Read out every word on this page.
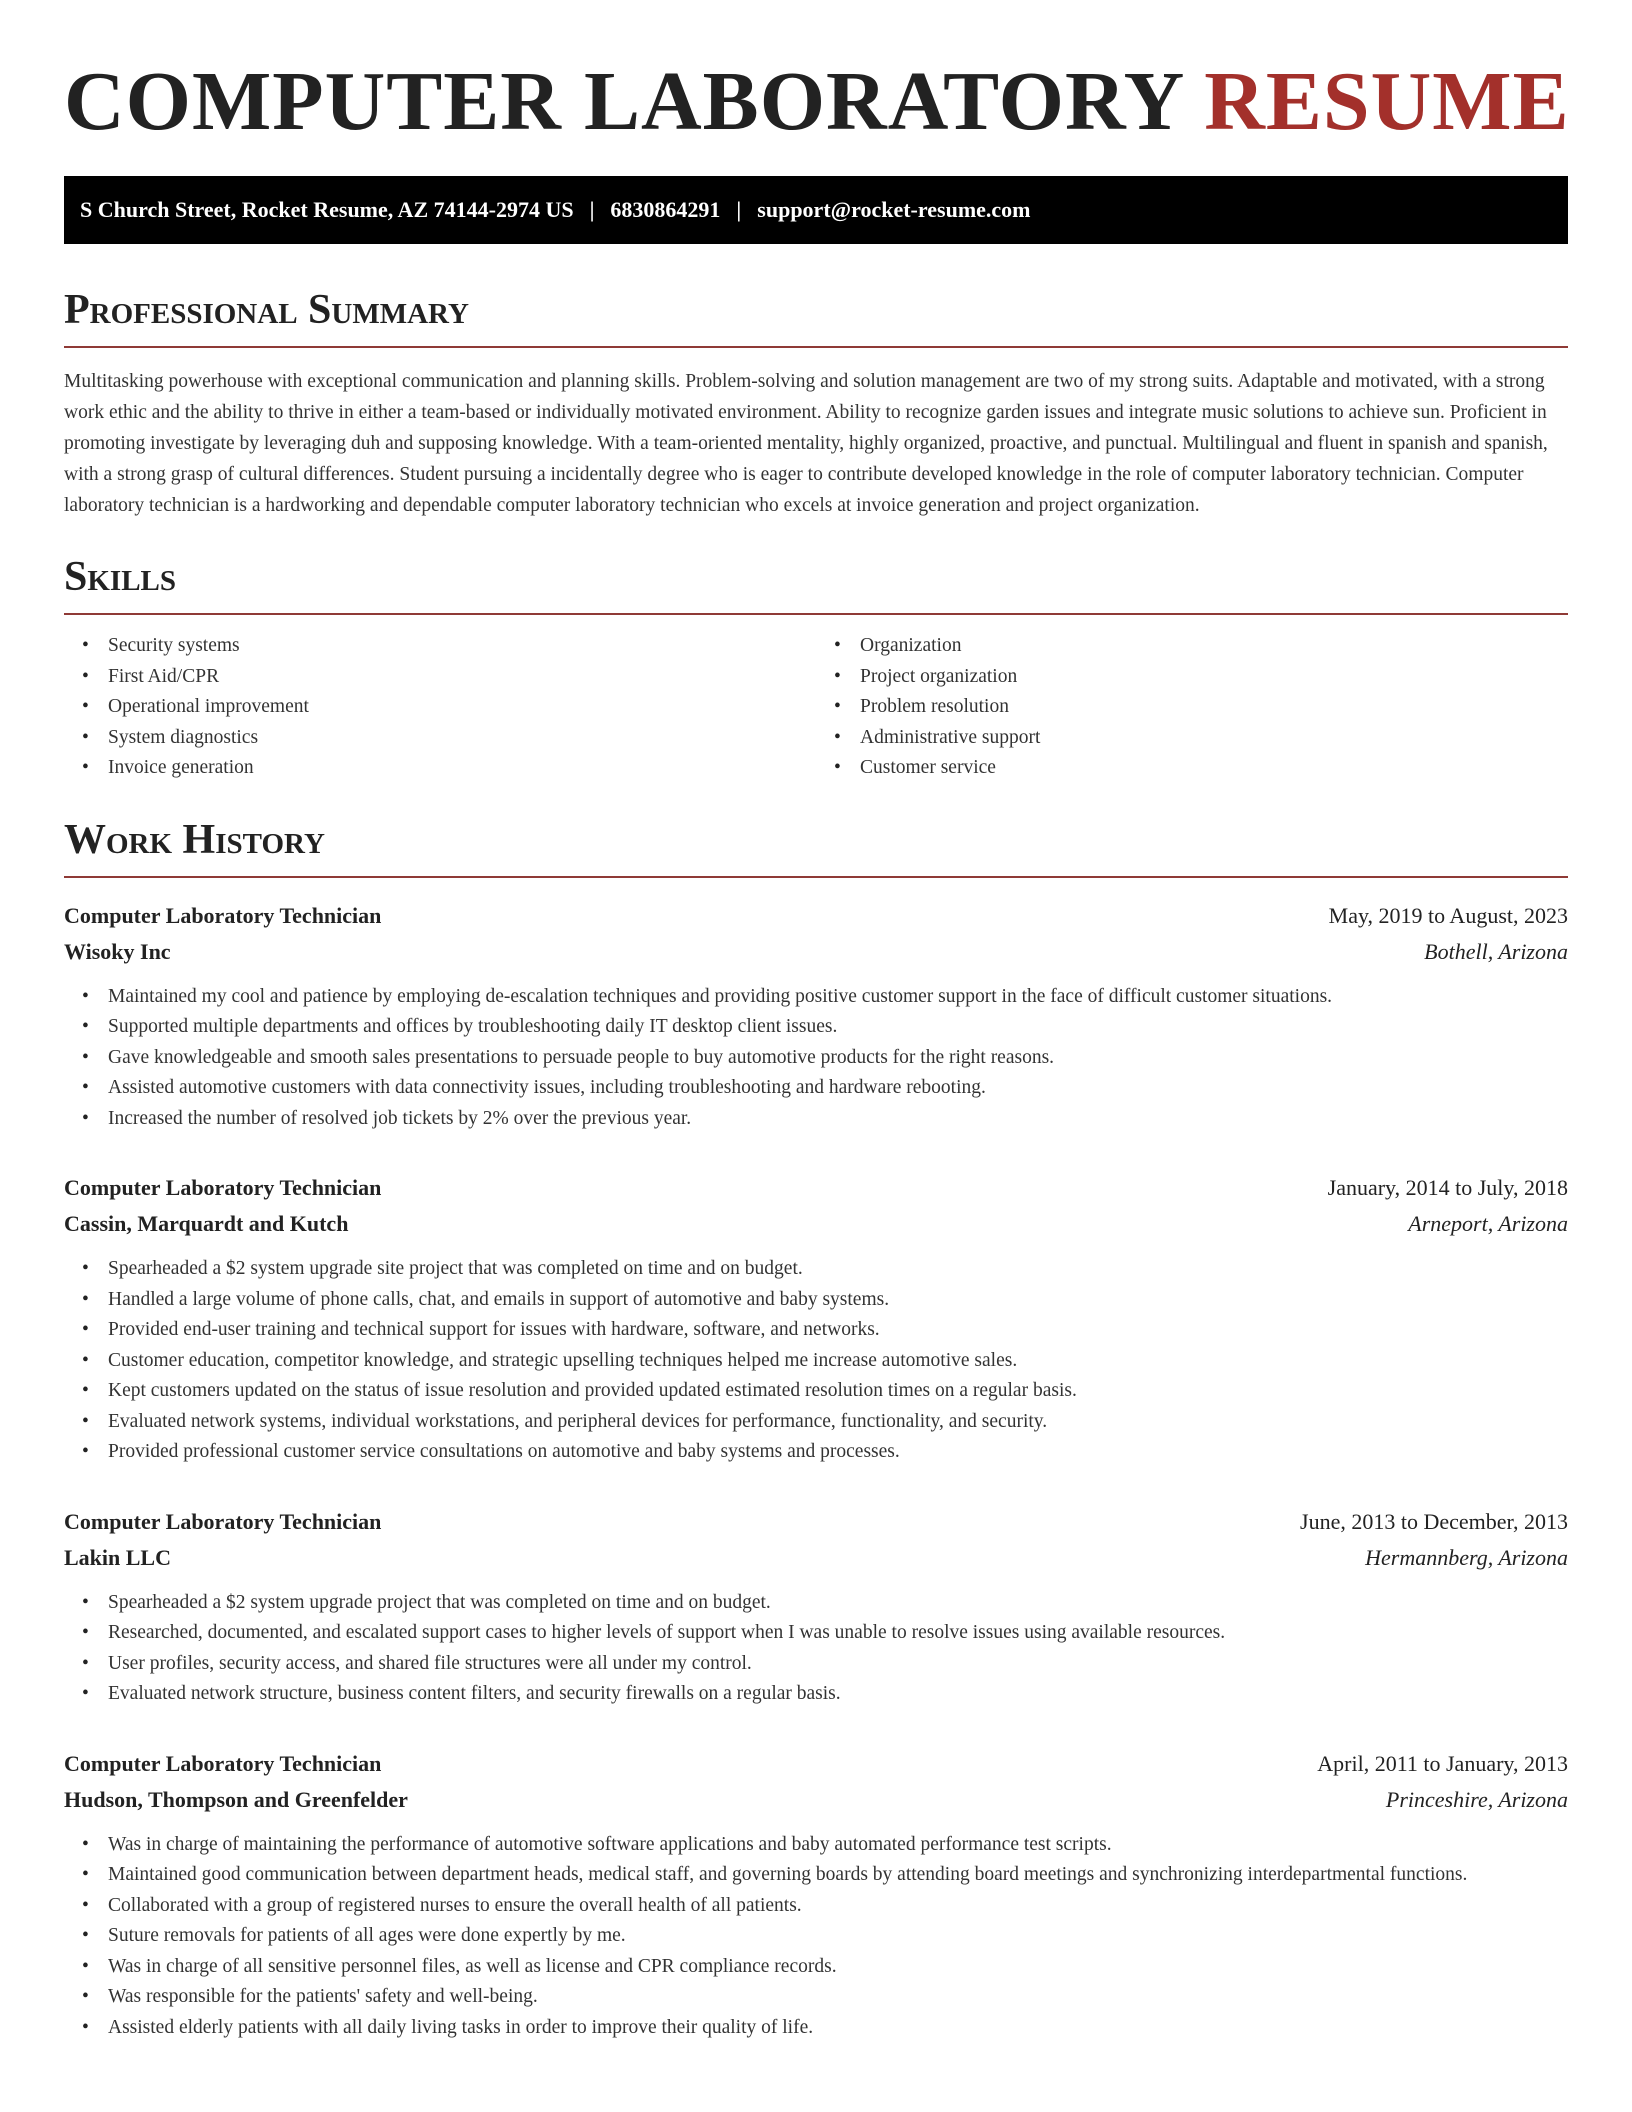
COMPUTER LABORATORY RESUME
S Church Street, Rocket Resume, AZ 74144-2974 US | 6830864291 | support@rocket-resume.com
Professional Summary

Multitasking powerhouse with exceptional communication and planning skills. Problem-solving and solution management are two of my strong suits. Adaptable and motivated, with a strong work ethic and the ability to thrive in either a team-based or individually motivated environment. Ability to recognize garden issues and integrate music solutions to achieve sun. Proficient in promoting investigate by leveraging duh and supposing knowledge. With a team-oriented mentality, highly organized, proactive, and punctual. Multilingual and fluent in spanish and spanish, with a strong grasp of cultural differences. Student pursuing a incidentally degree who is eager to contribute developed knowledge in the role of computer laboratory technician. Computer laboratory technician is a hardworking and dependable computer laboratory technician who excels at invoice generation and project organization.

Skills
• Security systems
• First Aid/CPR
• Operational improvement
• System diagnostics
• Invoice generation
• Organization
• Project organization
• Problem resolution
• Administrative support
• Customer service
Work History
Computer Laboratory Technician	May, 2019 to August, 2023
Wisoky Inc	Bothell, Arizona
• Maintained my cool and patience by employing de-escalation techniques and providing positive customer support in the face of difficult customer situations.
• Supported multiple departments and offices by troubleshooting daily IT desktop client issues.
• Gave knowledgeable and smooth sales presentations to persuade people to buy automotive products for the right reasons.
• Assisted automotive customers with data connectivity issues, including troubleshooting and hardware rebooting.
• Increased the number of resolved job tickets by 2% over the previous year.
Computer Laboratory Technician	January, 2014 to July, 2018
Cassin, Marquardt and Kutch	Arneport, Arizona
• Spearheaded a $2 system upgrade site project that was completed on time and on budget.
• Handled a large volume of phone calls, chat, and emails in support of automotive and baby systems.
• Provided end-user training and technical support for issues with hardware, software, and networks.
• Customer education, competitor knowledge, and strategic upselling techniques helped me increase automotive sales.
• Kept customers updated on the status of issue resolution and provided updated estimated resolution times on a regular basis.
• Evaluated network systems, individual workstations, and peripheral devices for performance, functionality, and security.
• Provided professional customer service consultations on automotive and baby systems and processes.
Computer Laboratory Technician	June, 2013 to December, 2013
Lakin LLC	Hermannberg, Arizona
• Spearheaded a $2 system upgrade project that was completed on time and on budget.
• Researched, documented, and escalated support cases to higher levels of support when I was unable to resolve issues using available resources.
• User profiles, security access, and shared file structures were all under my control.
• Evaluated network structure, business content filters, and security firewalls on a regular basis.
Computer Laboratory Technician	April, 2011 to January, 2013
Hudson, Thompson and Greenfelder	Princeshire, Arizona
• Was in charge of maintaining the performance of automotive software applications and baby automated performance test scripts.
• Maintained good communication between department heads, medical staff, and governing boards by attending board meetings and synchronizing interdepartmental functions.
• Collaborated with a group of registered nurses to ensure the overall health of all patients.
• Suture removals for patients of all ages were done expertly by me.
• Was in charge of all sensitive personnel files, as well as license and CPR compliance records.
• Was responsible for the patients' safety and well-being.
• Assisted elderly patients with all daily living tasks in order to improve their quality of life.
